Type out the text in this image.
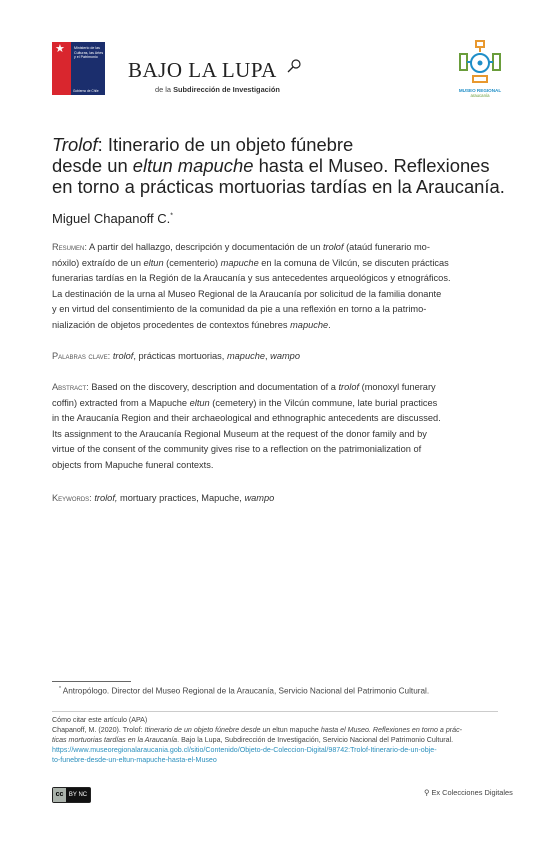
★	Ministerio de las Culturas, las Artes y el Patrimonio
Gobierno de Chile
BAJO LA LUPA
de la Subdirección de Investigación	MUSEO REGIONAL
araucanía
Trolof: Itinerario de un objeto fúnebre
desde un eltun mapuche hasta el Museo. Reflexiones
en torno a prácticas mortuorias tardías en la Araucanía.
Miguel Chapanoff C.*
Resumen: A partir del hallazgo, descripción y documentación de un trolof (ataúd funerario mo-
nóxilo) extraído de un eltun (cementerio) mapuche en la comuna de Vilcún, se discuten prácticas
funerarias tardías en la Región de la Araucanía y sus antecedentes arqueológicos y etnográficos.
La destinación de la urna al Museo Regional de la Araucanía por solicitud de la familia donante
y en virtud del consentimiento de la comunidad da pie a una reflexión en torno a la patrimo-
nialización de objetos procedentes de contextos fúnebres mapuche.
Palabras clave: trolof, prácticas mortuorias, mapuche, wampo
Abstract: Based on the discovery, description and documentation of a trolof (monoxyl funerary
coffin) extracted from a Mapuche eltun (cemetery) in the Vilcún commune, late burial practices
in the Araucanía Region and their archaeological and ethnographic antecedents are discussed.
Its assignment to the Araucanía Regional Museum at the request of the donor family and by
virtue of the consent of the community gives rise to a reflection on the patrimonialization of
objects from Mapuche funeral contexts.
Keywords: trolof, mortuary practices, Mapuche, wampo
* Antropólogo. Director del Museo Regional de la Araucanía, Servicio Nacional del Patrimonio Cultural.
Cómo citar este artículo (APA)
Chapanoff, M. (2020). Trolof: Itinerario de un objeto fúnebre desde un eltun mapuche hasta el Museo. Reflexiones en torno a prác-
ticas mortuorias tardías en la Araucanía. Bajo la Lupa, Subdirección de Investigación, Servicio Nacional del Patrimonio Cultural.
https://www.museoregionalaraucania.gob.cl/sitio/Contenido/Objeto-de-Coleccion-Digital/98742:Trolof-Itinerario-de-un-obje-
to-funebre-desde-un-eltun-mapuche-hasta-el-Museo
cc BY NC SA
⚲ Ex Colecciones Digitales
